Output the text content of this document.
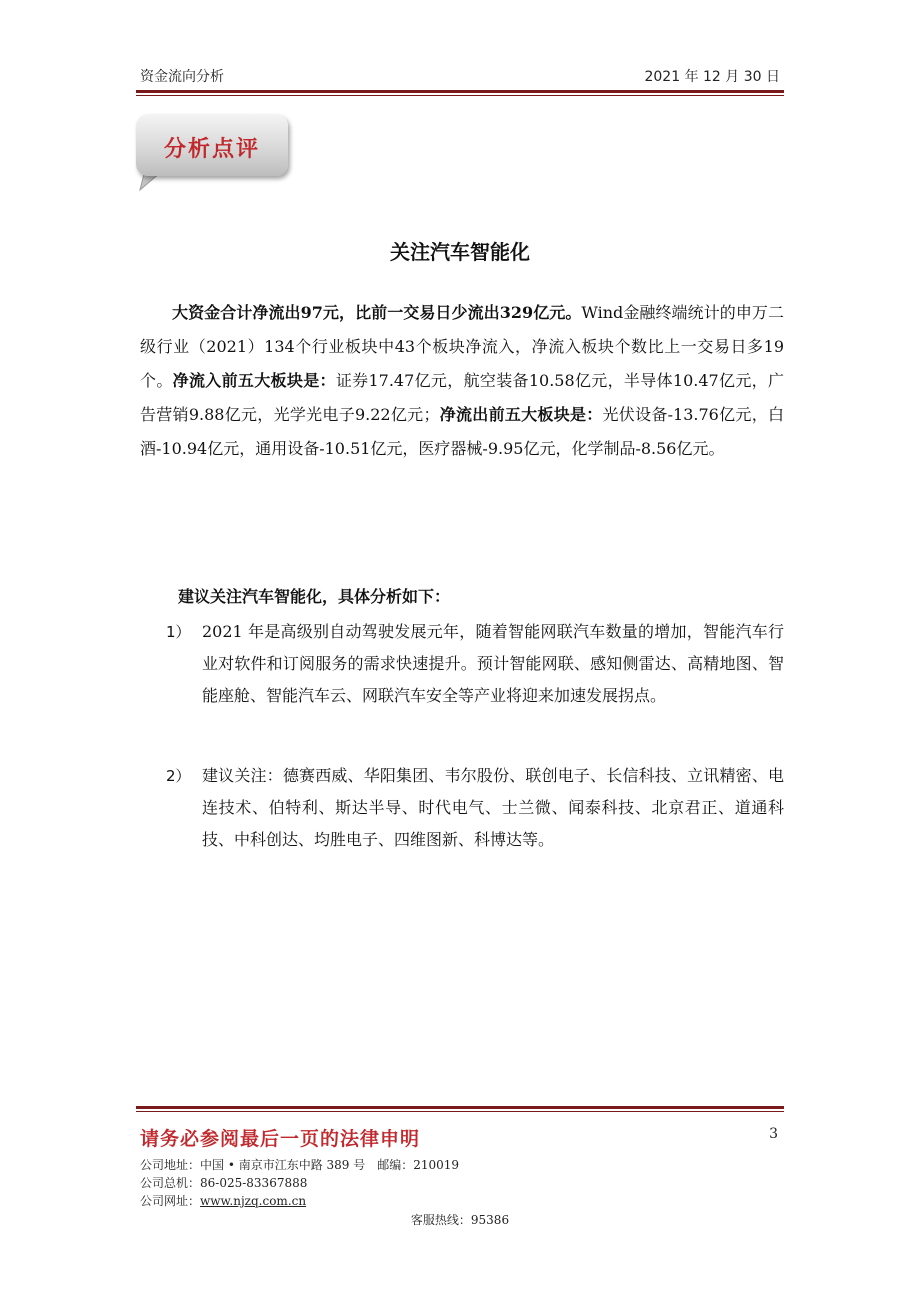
资金流向分析	2021 年 12 月 30 日
分析点评
关注汽车智能化

大资金合计净流出97元，比前一交易日少流出329亿元。Wind金融终端统计的申万二级行业（2021）134个行业板块中43个板块净流入，净流入板块个数比上一交易日多19个。净流入前五大板块是：证券17.47亿元，航空装备10.58亿元，半导体10.47亿元，广告营销9.88亿元，光学光电子9.22亿元；净流出前五大板块是：光伏设备-13.76亿元，白酒-10.94亿元，通用设备-10.51亿元，医疗器械-9.95亿元，化学制品-8.56亿元。

建议关注汽车智能化，具体分析如下：
1） 2021 年是高级别自动驾驶发展元年，随着智能网联汽车数量的增加，智能汽车行业对软件和订阅服务的需求快速提升。预计智能网联、感知侧雷达、高精地图、智能座舱、智能汽车云、网联汽车安全等产业将迎来加速发展拐点。
2） 建议关注：德赛西威、华阳集团、韦尔股份、联创电子、长信科技、立讯精密、电连技术、伯特利、斯达半导、时代电气、士兰微、闻泰科技、北京君正、道通科技、中科创达、均胜电子、四维图新、科博达等。
请务必参阅最后一页的法律申明	3
公司地址：中国 • 南京市江东中路 389 号　邮编：210019
公司总机：86-025-83367888
公司网址：www.njzq.com.cn
客服热线：95386
